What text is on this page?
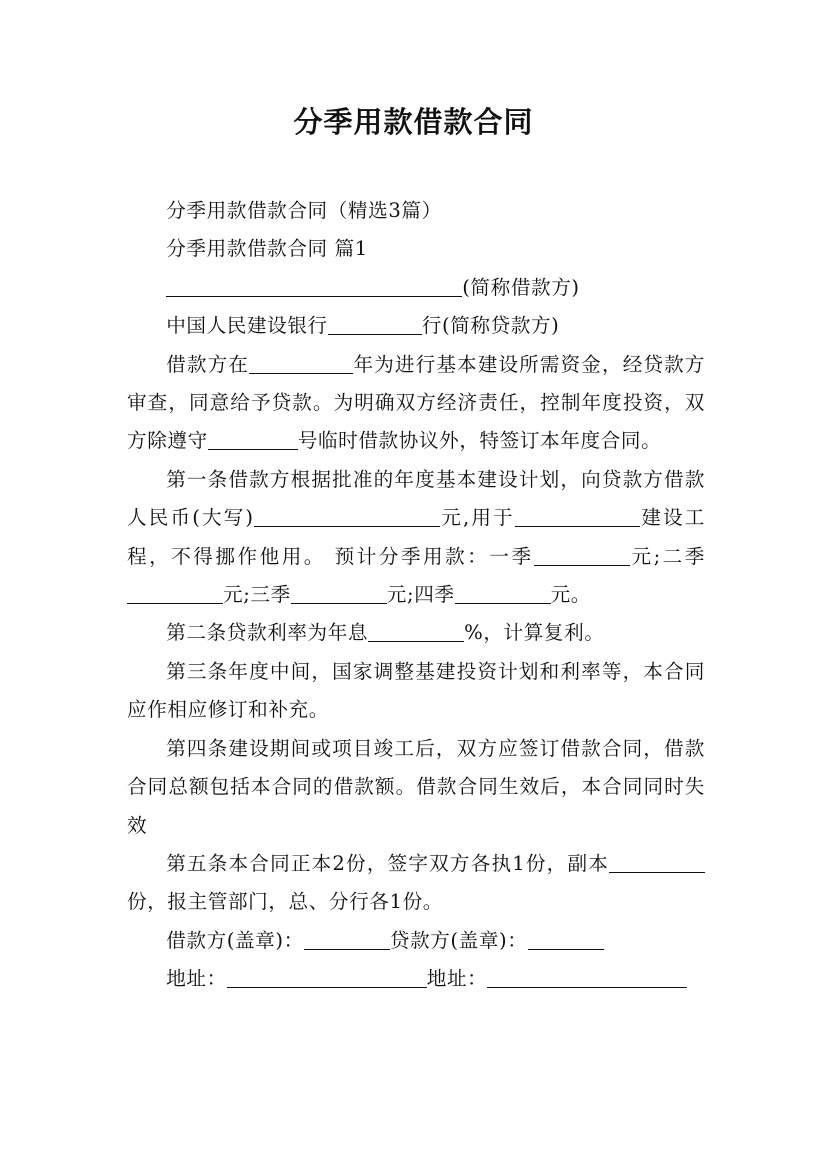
分季用款借款合同

分季用款借款合同（精选3篇）

分季用款借款合同 篇1

(简称借款方)

中国人民建设银行	行(简称贷款方)

借款方在	年为进行基本建设所需资金，经贷款方审查，同意给予贷款。为明确双方经济责任，控制年度投资，双方除遵守	号临时借款协议外，特签订本年度合同。

第一条借款方根据批准的年度基本建设计划，向贷款方借款人民币(大写)	元,用于	建设工程，不得挪作他用。 预计分季用款：一季	元;二季元;三季	元;四季	元。

第二条贷款利率为年息	%，计算复利。

第三条年度中间，国家调整基建投资计划和利率等，本合同应作相应修订和补充。

第四条建设期间或项目竣工后，双方应签订借款合同，借款合同总额包括本合同的借款额。借款合同生效后，本合同同时失效

第五条本合同正本2份，签字双方各执1份，副本份，报主管部门，总、分行各1份。

借款方(盖章)：	贷款方(盖章)：

地址：	地址：
